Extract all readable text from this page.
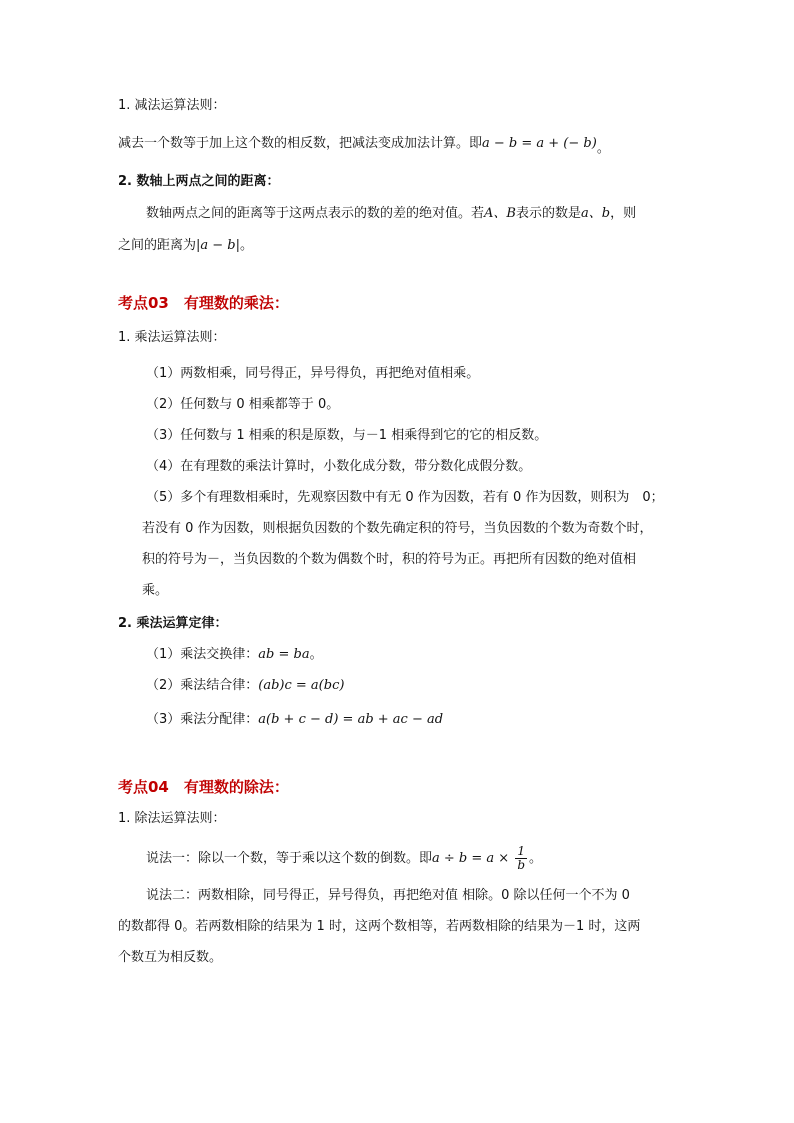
1. 减法运算法则：
减去一个数等于加上这个数的相反数，把减法变成加法计算。即a − b = a + (− b)。
2. 数轴上两点之间的距离：
数轴两点之间的距离等于这两点表示的数的差的绝对值。若A、B表示的数是a、b，则
之间的距离为|a − b|。
考点03　有理数的乘法：
1. 乘法运算法则：
（1）两数相乘，同号得正，异号得负，再把绝对值相乘。
（2）任何数与 0 相乘都等于 0。
（3）任何数与 1 相乘的积是原数，与－1 相乘得到它的它的相反数。
（4）在有理数的乘法计算时，小数化成分数，带分数化成假分数。
（5）多个有理数相乘时，先观察因数中有无 0 作为因数，若有 0 作为因数，则积为　0；
若没有 0 作为因数，则根据负因数的个数先确定积的符号，当负因数的个数为奇数个时，
积的符号为－，当负因数的个数为偶数个时，积的符号为正。再把所有因数的绝对值相
乘。
2. 乘法运算定律：
（1）乘法交换律：ab = ba。
（2）乘法结合律：(ab)c = a(bc)
（3）乘法分配律：a(b + c − d) = ab + ac − ad
考点04　有理数的除法：
1. 除法运算法则：
说法一：除以一个数，等于乘以这个数的倒数。即$a \div b = a \times \frac{1}{b}$ 。
说法二：两数相除，同号得正，异号得负，再把绝对值 相除。0 除以任何一个不为 0
的数都得 0。若两数相除的结果为 1 时，这两个数相等，若两数相除的结果为－1 时，这两
个数互为相反数。
